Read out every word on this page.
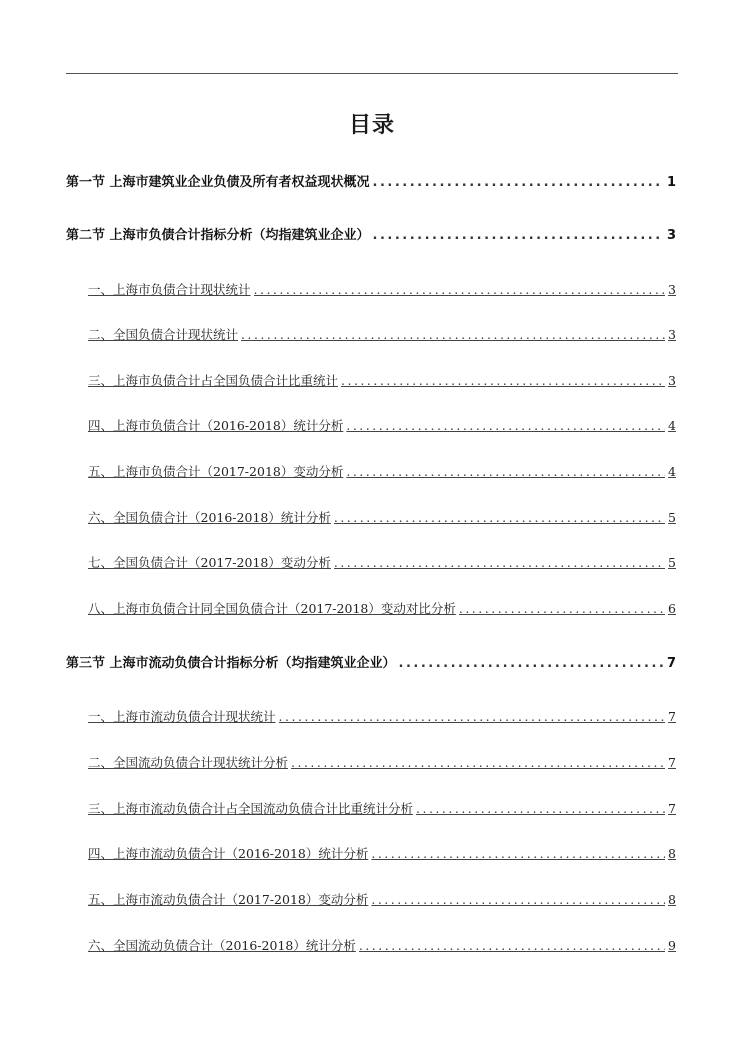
目录
第一节 上海市建筑业企业负债及所有者权益现状概况 .....	1
第二节 上海市负债合计指标分析（均指建筑业企业） .....	3
一、上海市负债合计现状统计 .....	3
二、全国负债合计现状统计 .....	3
三、上海市负债合计占全国负债合计比重统计 .....	3
四、上海市负债合计（2016-2018）统计分析 .....	4
五、上海市负债合计（2017-2018）变动分析 .....	4
六、全国负债合计（2016-2018）统计分析 .....	5
七、全国负债合计（2017-2018）变动分析 .....	5
八、上海市负债合计同全国负债合计（2017-2018）变动对比分析 .....	6
第三节 上海市流动负债合计指标分析（均指建筑业企业） .....	7
一、上海市流动负债合计现状统计 .....	7
二、全国流动负债合计现状统计分析 .....	7
三、上海市流动负债合计占全国流动负债合计比重统计分析 .....	7
四、上海市流动负债合计（2016-2018）统计分析 .....	8
五、上海市流动负债合计（2017-2018）变动分析 .....	8
六、全国流动负债合计（2016-2018）统计分析 .....	9
